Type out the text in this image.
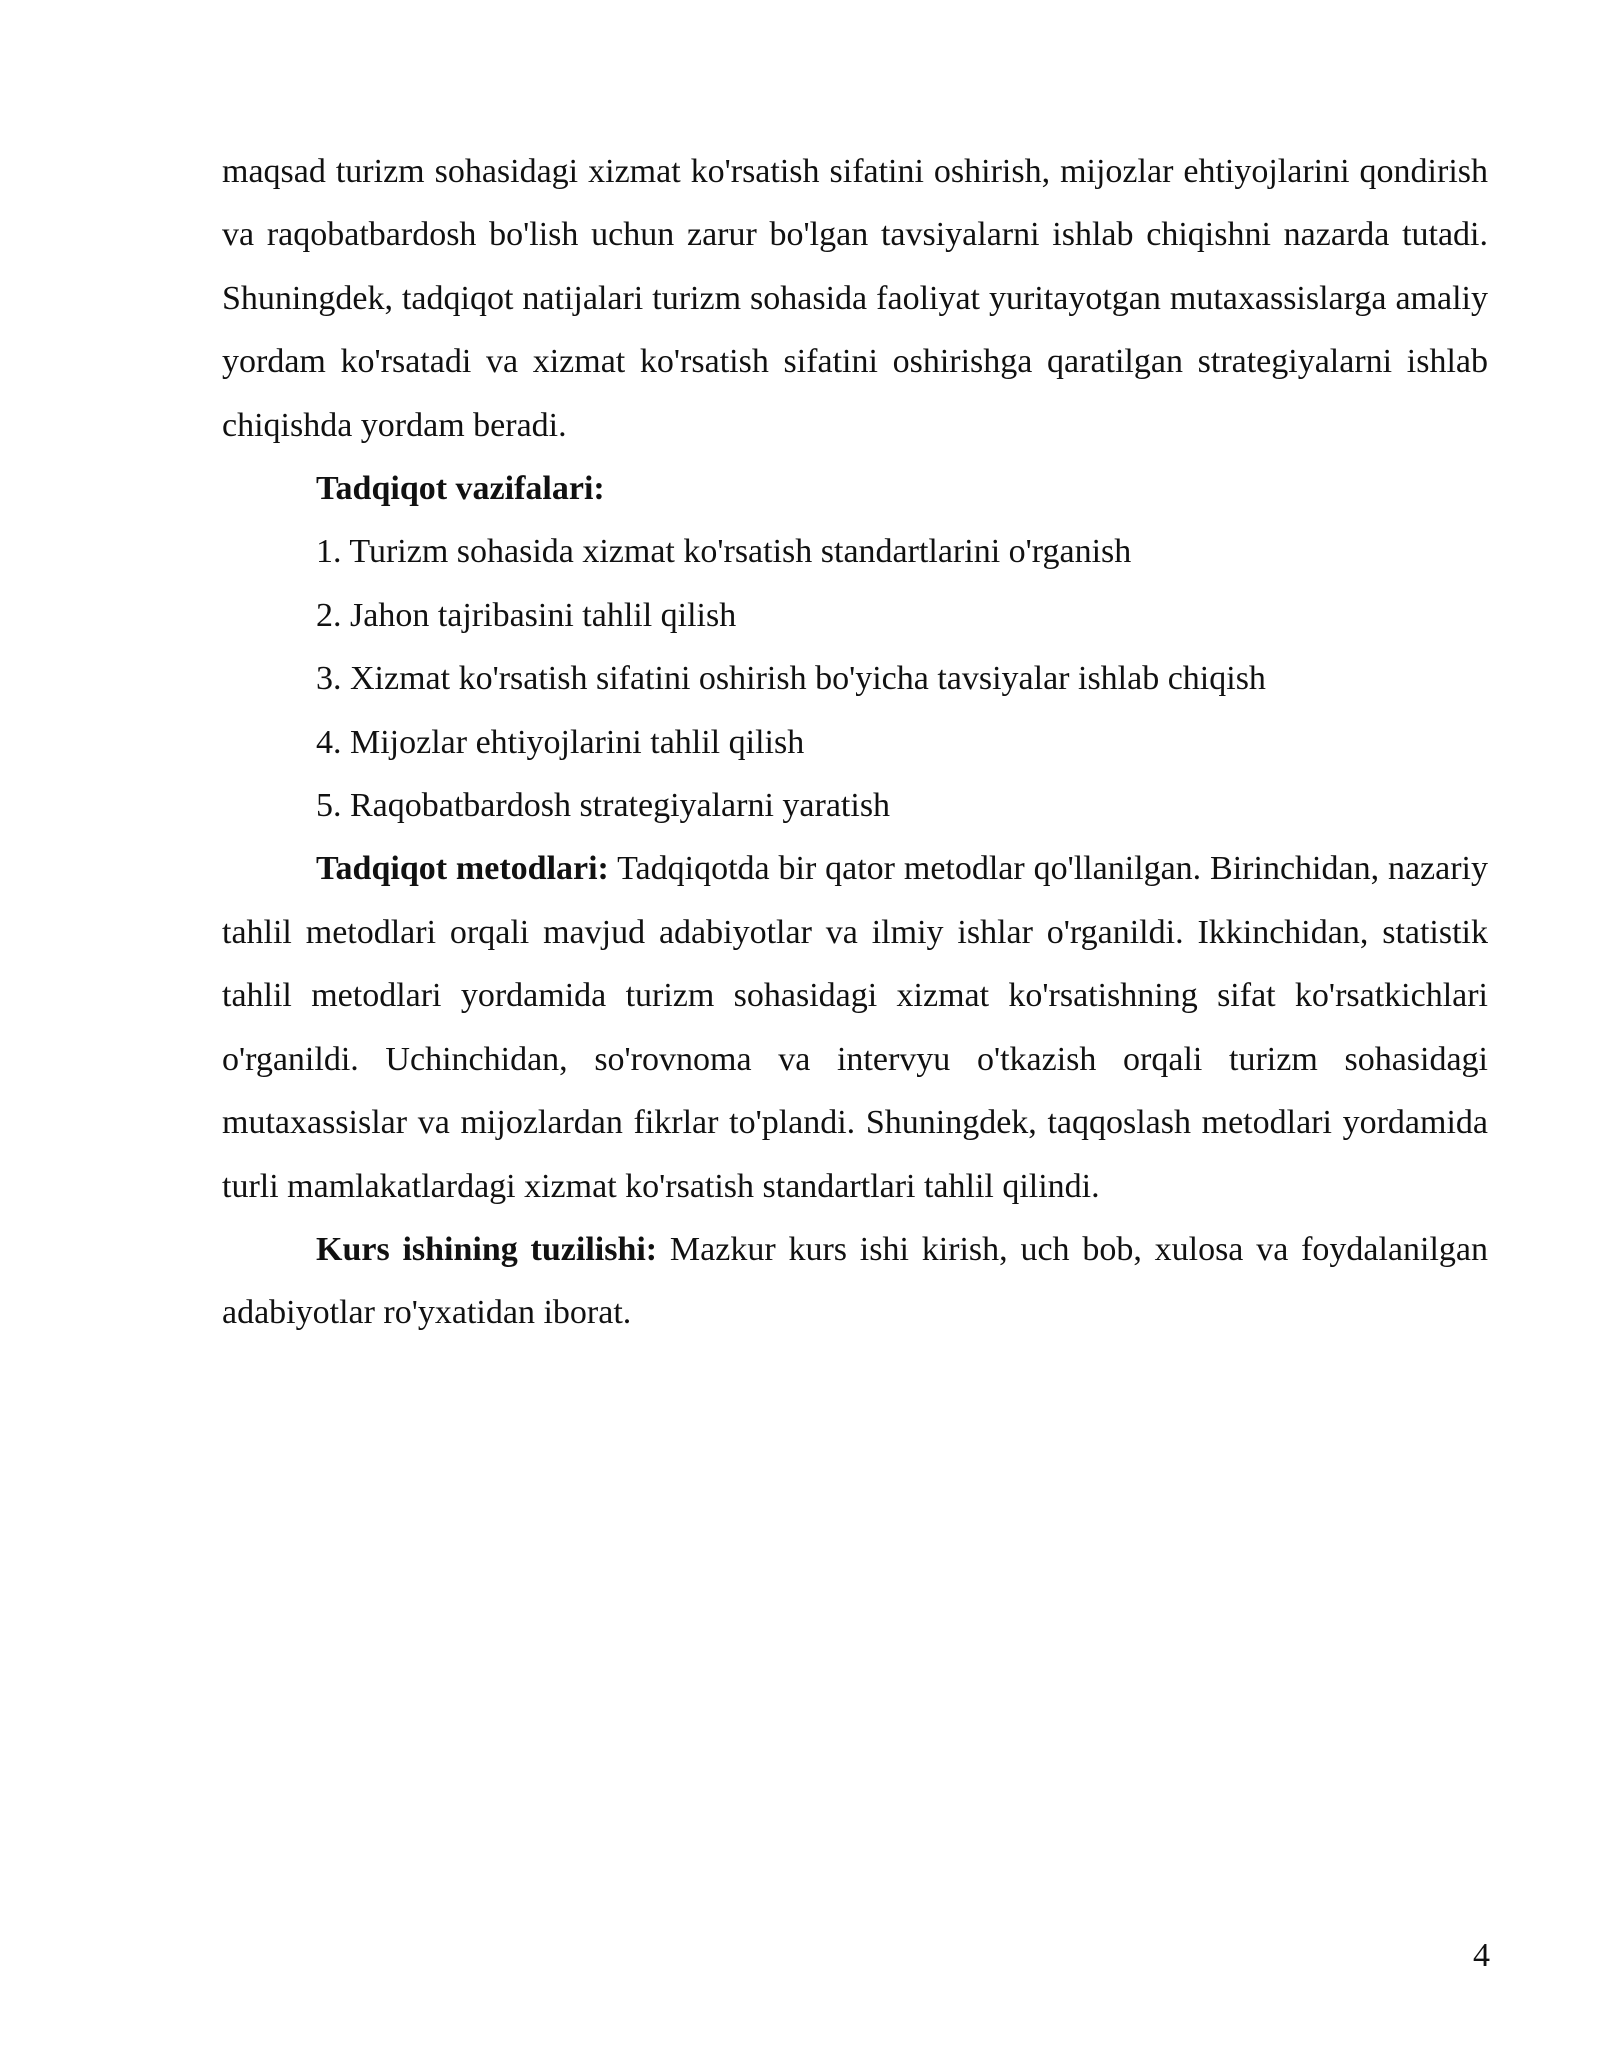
maqsad turizm sohasidagi xizmat ko'rsatish sifatini oshirish, mijozlar ehtiyojlarini qondirish va raqobatbardosh bo'lish uchun zarur bo'lgan tavsiyalarni ishlab chiqishni nazarda tutadi. Shuningdek, tadqiqot natijalari turizm sohasida faoliyat yuritayotgan mutaxassislarga amaliy yordam ko'rsatadi va xizmat ko'rsatish sifatini oshirishga qaratilgan strategiyalarni ishlab chiqishda yordam beradi.

Tadqiqot vazifalari:

1. Turizm sohasida xizmat ko'rsatish standartlarini o'rganish

2. Jahon tajribasini tahlil qilish

3. Xizmat ko'rsatish sifatini oshirish bo'yicha tavsiyalar ishlab chiqish

4. Mijozlar ehtiyojlarini tahlil qilish

5. Raqobatbardosh strategiyalarni yaratish

Tadqiqot metodlari: Tadqiqotda bir qator metodlar qo'llanilgan. Birinchidan, nazariy tahlil metodlari orqali mavjud adabiyotlar va ilmiy ishlar o'rganildi. Ikkinchidan, statistik tahlil metodlari yordamida turizm sohasidagi xizmat ko'rsatishning sifat ko'rsatkichlari o'rganildi. Uchinchidan, so'rovnoma va intervyu o'tkazish orqali turizm sohasidagi mutaxassislar va mijozlardan fikrlar to'plandi. Shuningdek, taqqoslash metodlari yordamida turli mamlakatlardagi xizmat ko'rsatish standartlari tahlil qilindi.

Kurs ishining tuzilishi: Mazkur kurs ishi kirish, uch bob, xulosa va foydalanilgan adabiyotlar ro'yxatidan iborat.

4
